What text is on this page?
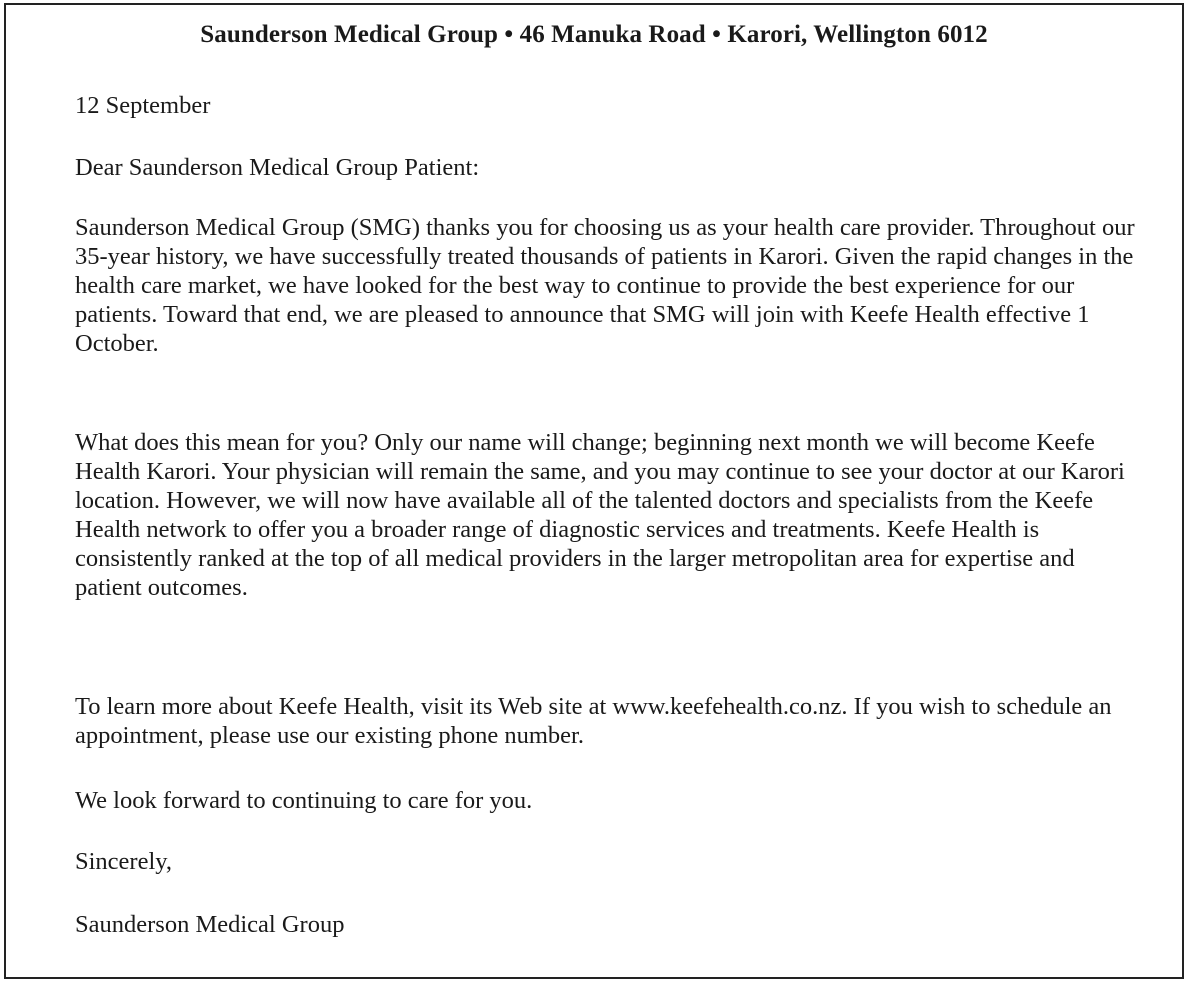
Saunderson Medical Group • 46 Manuka Road • Karori, Wellington 6012

12 September

Dear Saunderson Medical Group Patient:

Saunderson Medical Group (SMG) thanks you for choosing us as your health care provider. Throughout our 35-year history, we have successfully treated thousands of patients in Karori. Given the rapid changes in the health care market, we have looked for the best way to continue to provide the best experience for our patients. Toward that end, we are pleased to announce that SMG will join with Keefe Health effective 1 October.

What does this mean for you? Only our name will change; beginning next month we will become Keefe Health Karori. Your physician will remain the same, and you may continue to see your doctor at our Karori location. However, we will now have available all of the talented doctors and specialists from the Keefe Health network to offer you a broader range of diagnostic services and treatments. Keefe Health is consistently ranked at the top of all medical providers in the larger metropolitan area for expertise and patient outcomes.

To learn more about Keefe Health, visit its Web site at www.keefehealth.co.nz. If you wish to schedule an appointment, please use our existing phone number.

We look forward to continuing to care for you.

Sincerely,

Saunderson Medical Group
